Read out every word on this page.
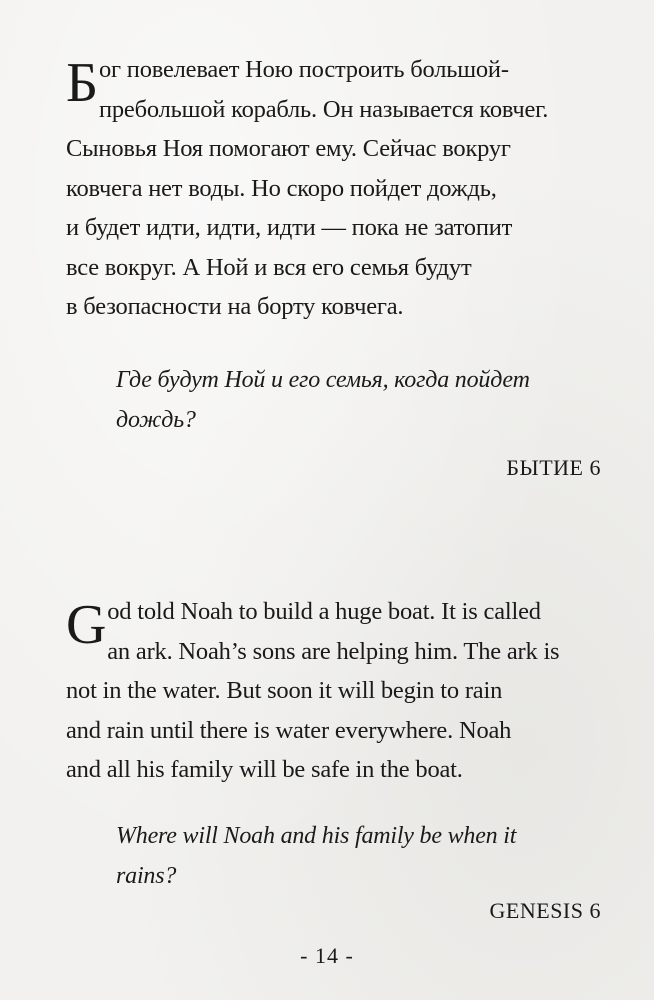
Б ог повелевает Ною построить большой-
пребольшой корабль. Он называется ковчег.
Сыновья Ноя помогают ему. Сейчас вокруг
ковчега нет воды. Но скоро пойдет дождь,
и будет идти, идти, идти — пока не затопит
все вокруг. А Ной и вся его семья будут
в безопасности на борту ковчега.
Где будут Ной и его семья, когда пойдет
дождь?
БЫТИЕ 6
G od told Noah to build a huge boat. It is called
an ark. Noah’s sons are helping him. The ark is
not in the water. But soon it will begin to rain
and rain until there is water everywhere. Noah
and all his family will be safe in the boat.
Where will Noah and his family be when it
rains?
GENESIS 6
- 14 -
